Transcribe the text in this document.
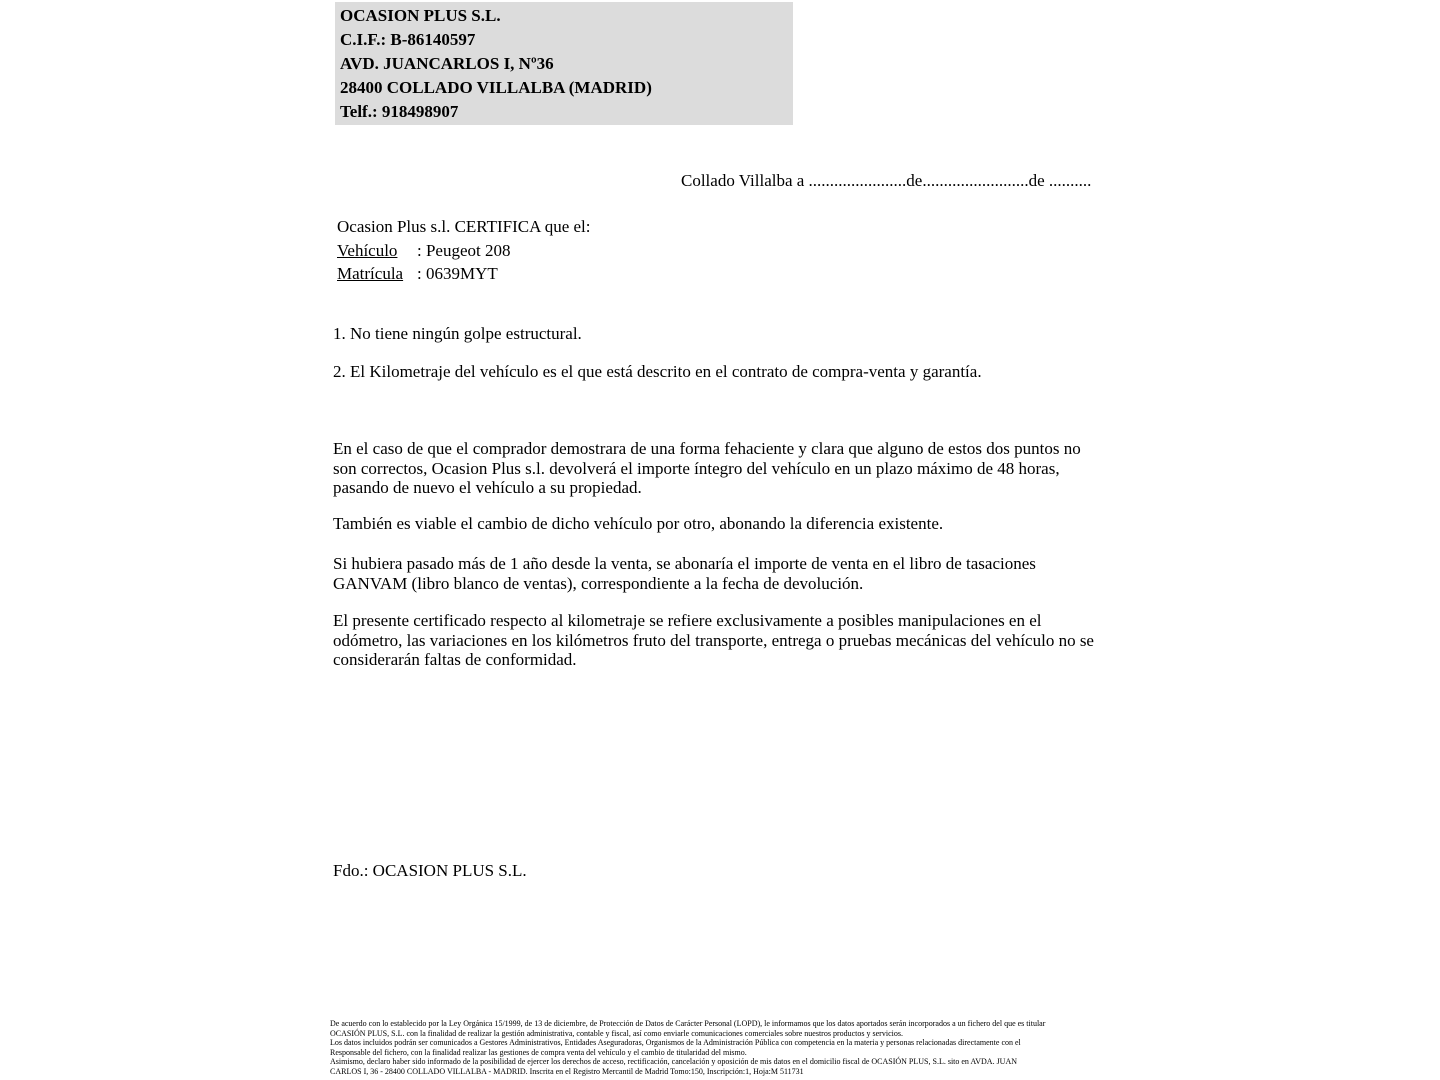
OCASION PLUS S.L.
C.I.F.: B-86140597
AVD. JUANCARLOS I, Nº36
28400 COLLADO VILLALBA (MADRID)
Telf.: 918498907
Collado Villalba a .......................de.........................de ..........
Ocasion Plus s.l. CERTIFICA que el:
Vehículo : Peugeot 208
Matrícula : 0639MYT
1. No tiene ningún golpe estructural.
2. El Kilometraje del vehículo es el que está descrito en el contrato de compra-venta y garantía.
En el caso de que el comprador demostrara de una forma fehaciente y clara que alguno de estos dos puntos no son correctos, Ocasion Plus s.l. devolverá el importe íntegro del vehículo en un plazo máximo de 48 horas, pasando de nuevo el vehículo a su propiedad.
También es viable el cambio de dicho vehículo por otro, abonando la diferencia existente.
Si hubiera pasado más de 1 año desde la venta, se abonaría el importe de venta en el libro de tasaciones GANVAM (libro blanco de ventas), correspondiente a la fecha de devolución.
El presente certificado respecto al kilometraje se refiere exclusivamente a posibles manipulaciones en el odómetro, las variaciones en los kilómetros fruto del transporte, entrega o pruebas mecánicas del vehículo no se considerarán faltas de conformidad.
Fdo.: OCASION PLUS S.L.
De acuerdo con lo establecido por la Ley Orgánica 15/1999, de 13 de diciembre, de Protección de Datos de Carácter Personal (LOPD), le informamos que los datos aportados serán incorporados a un fichero del que es titular
OCASIÓN PLUS, S.L. con la finalidad de realizar la gestión administrativa, contable y fiscal, así como enviarle comunicaciones comerciales sobre nuestros productos y servicios.
Los datos incluidos podrán ser comunicados a Gestores Administrativos, Entidades Aseguradoras, Organismos de la Administración Pública con competencia en la materia y personas relacionadas directamente con el
Responsable del fichero, con la finalidad realizar las gestiones de compra venta del vehículo y el cambio de titularidad del mismo.
Asimismo, declaro haber sido informado de la posibilidad de ejercer los derechos de acceso, rectificación, cancelación y oposición de mis datos en el domicilio fiscal de OCASIÓN PLUS, S.L. sito en AVDA. JUAN
CARLOS I, 36 - 28400 COLLADO VILLALBA - MADRID. Inscrita en el Registro Mercantil de Madrid Tomo:150, Inscripción:1, Hoja:M 511731
